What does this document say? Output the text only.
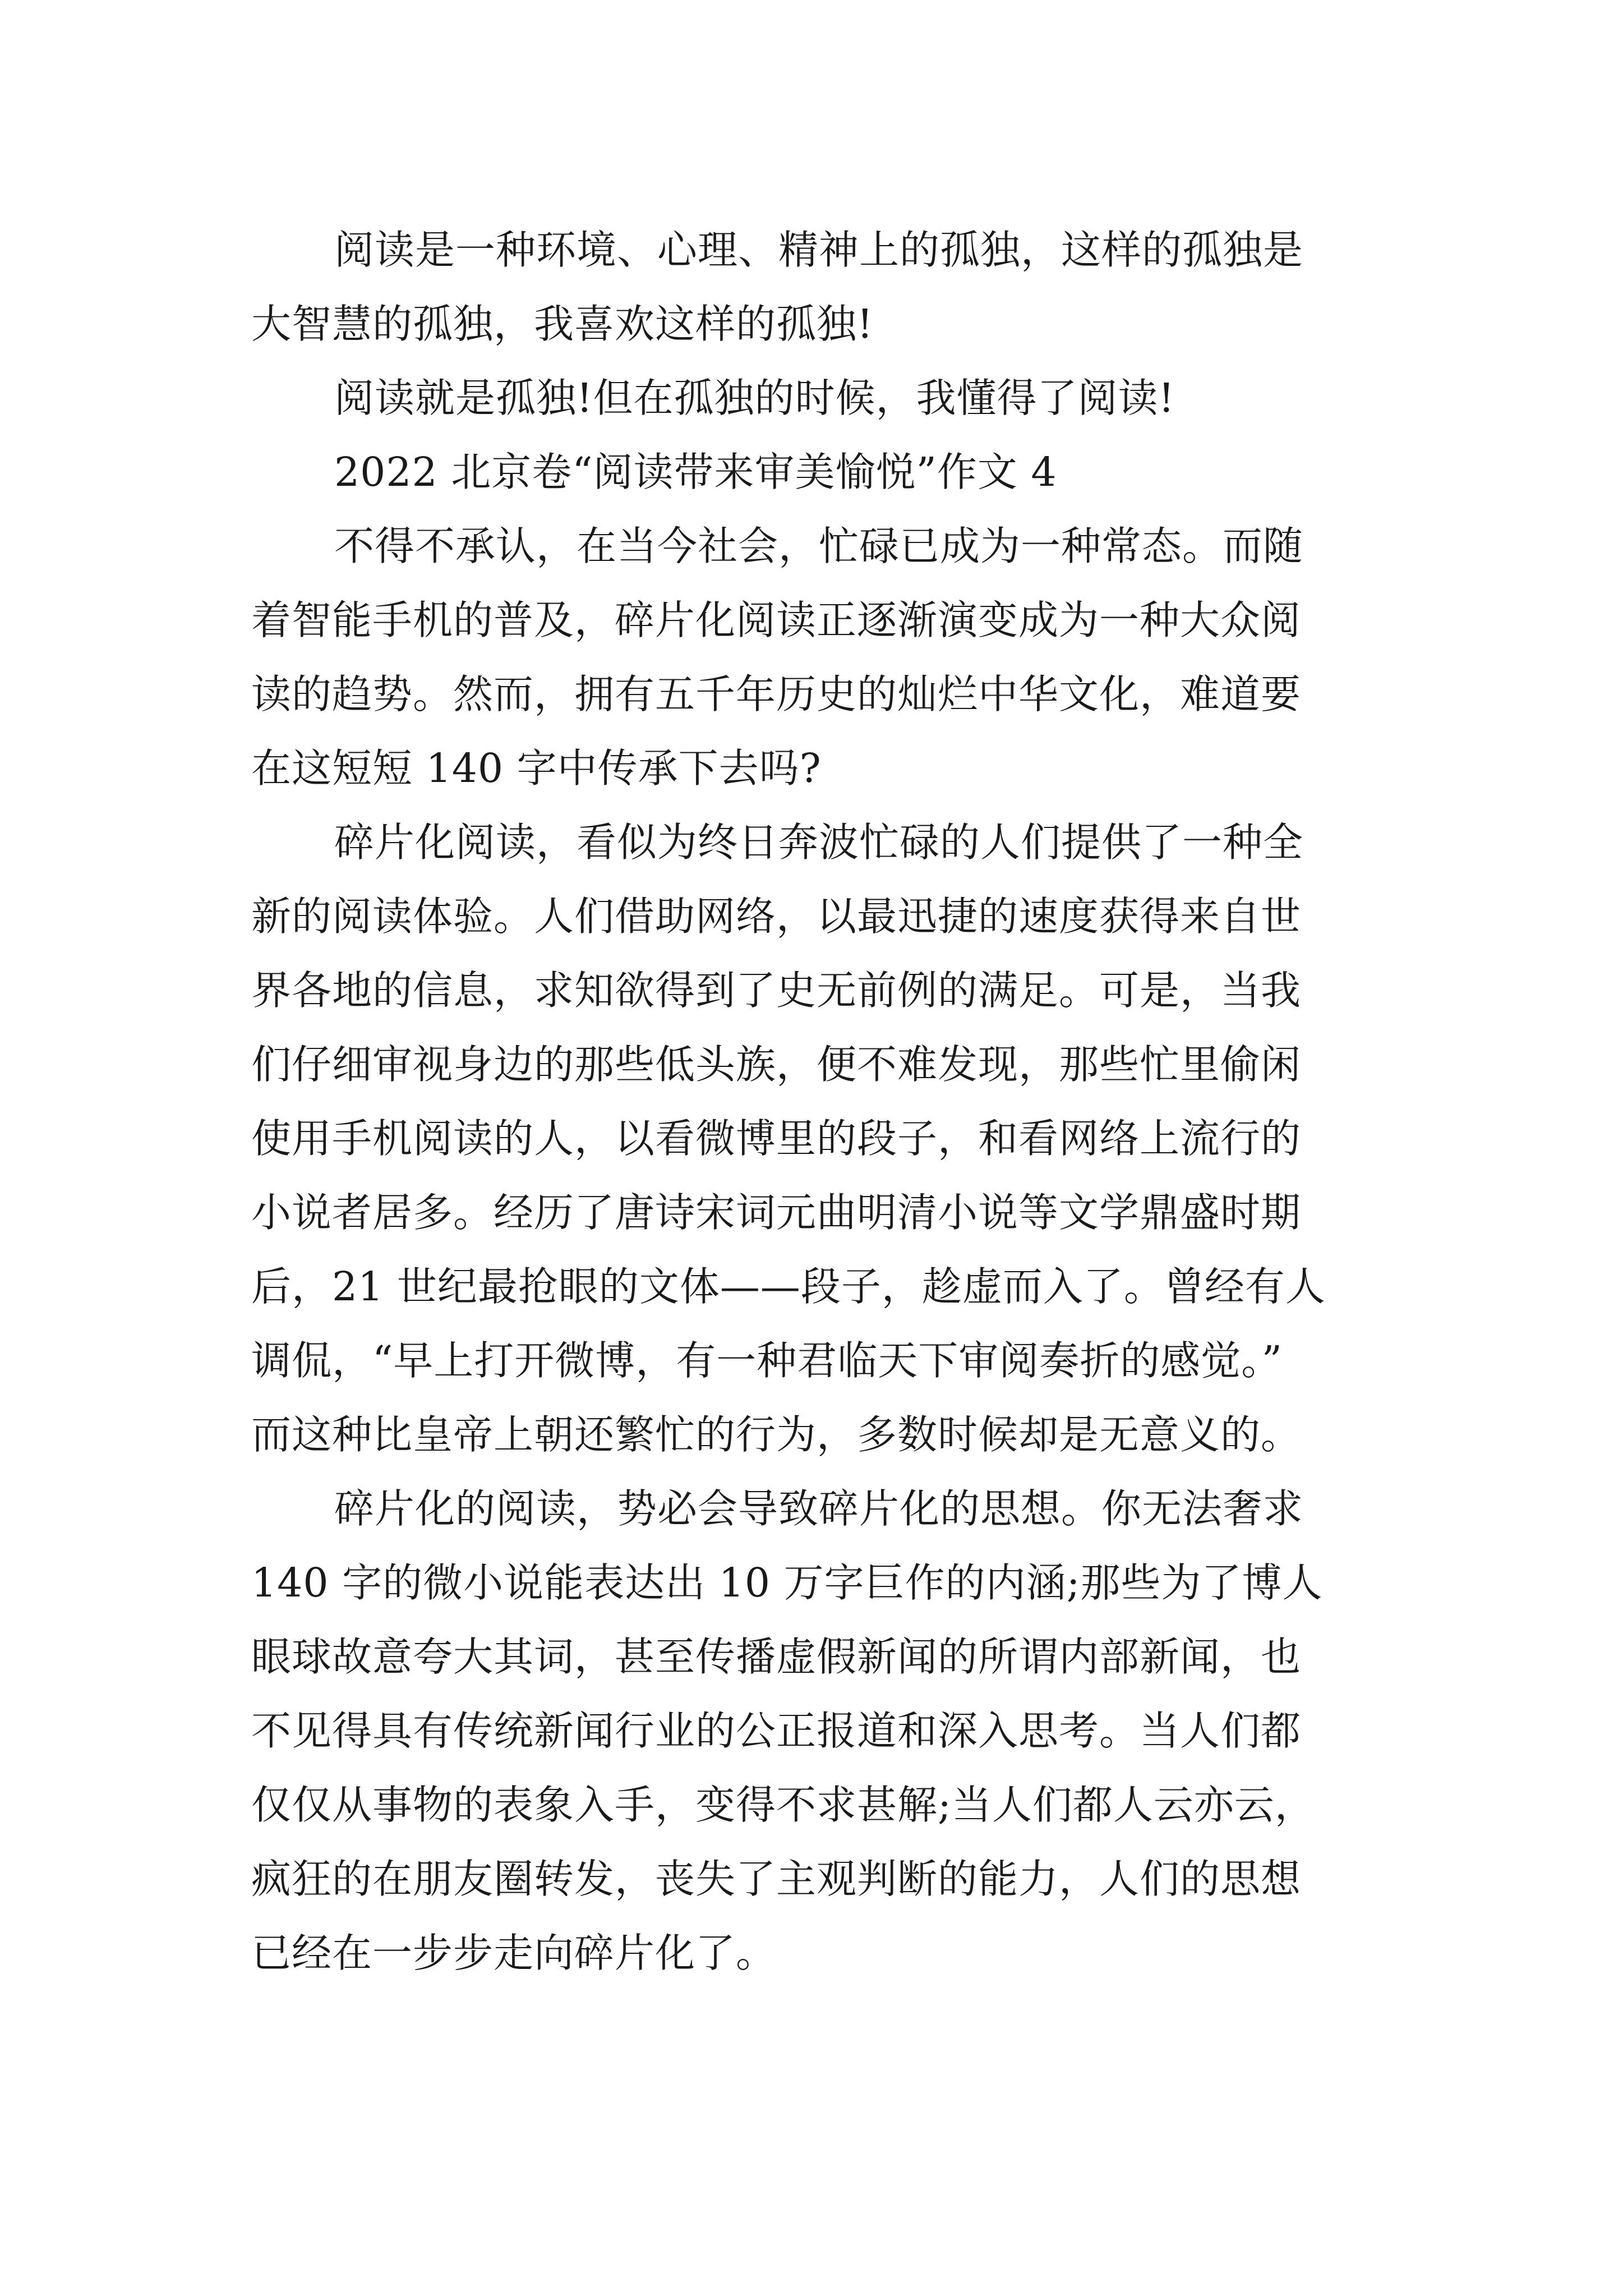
阅读是一种环境、心理、精神上的孤独，这样的孤独是
大智慧的孤独，我喜欢这样的孤独!
阅读就是孤独!但在孤独的时候，我懂得了阅读!
2022 北京卷“阅读带来审美愉悦”作文 4
不得不承认，在当今社会，忙碌已成为一种常态。而随
着智能手机的普及，碎片化阅读正逐渐演变成为一种大众阅
读的趋势。然而，拥有五千年历史的灿烂中华文化，难道要
在这短短 140 字中传承下去吗?
碎片化阅读，看似为终日奔波忙碌的人们提供了一种全
新的阅读体验。人们借助网络，以最迅捷的速度获得来自世
界各地的信息，求知欲得到了史无前例的满足。可是，当我
们仔细审视身边的那些低头族，便不难发现，那些忙里偷闲
使用手机阅读的人，以看微博里的段子，和看网络上流行的
小说者居多。经历了唐诗宋词元曲明清小说等文学鼎盛时期
后，21 世纪最抢眼的文体——段子，趁虚而入了。曾经有人
调侃，“早上打开微博，有一种君临天下审阅奏折的感觉。”
而这种比皇帝上朝还繁忙的行为，多数时候却是无意义的。
碎片化的阅读，势必会导致碎片化的思想。你无法奢求
140 字的微小说能表达出 10 万字巨作的内涵;那些为了博人
眼球故意夸大其词，甚至传播虚假新闻的所谓内部新闻，也
不见得具有传统新闻行业的公正报道和深入思考。当人们都
仅仅从事物的表象入手，变得不求甚解;当人们都人云亦云，
疯狂的在朋友圈转发，丧失了主观判断的能力，人们的思想
已经在一步步走向碎片化了。
